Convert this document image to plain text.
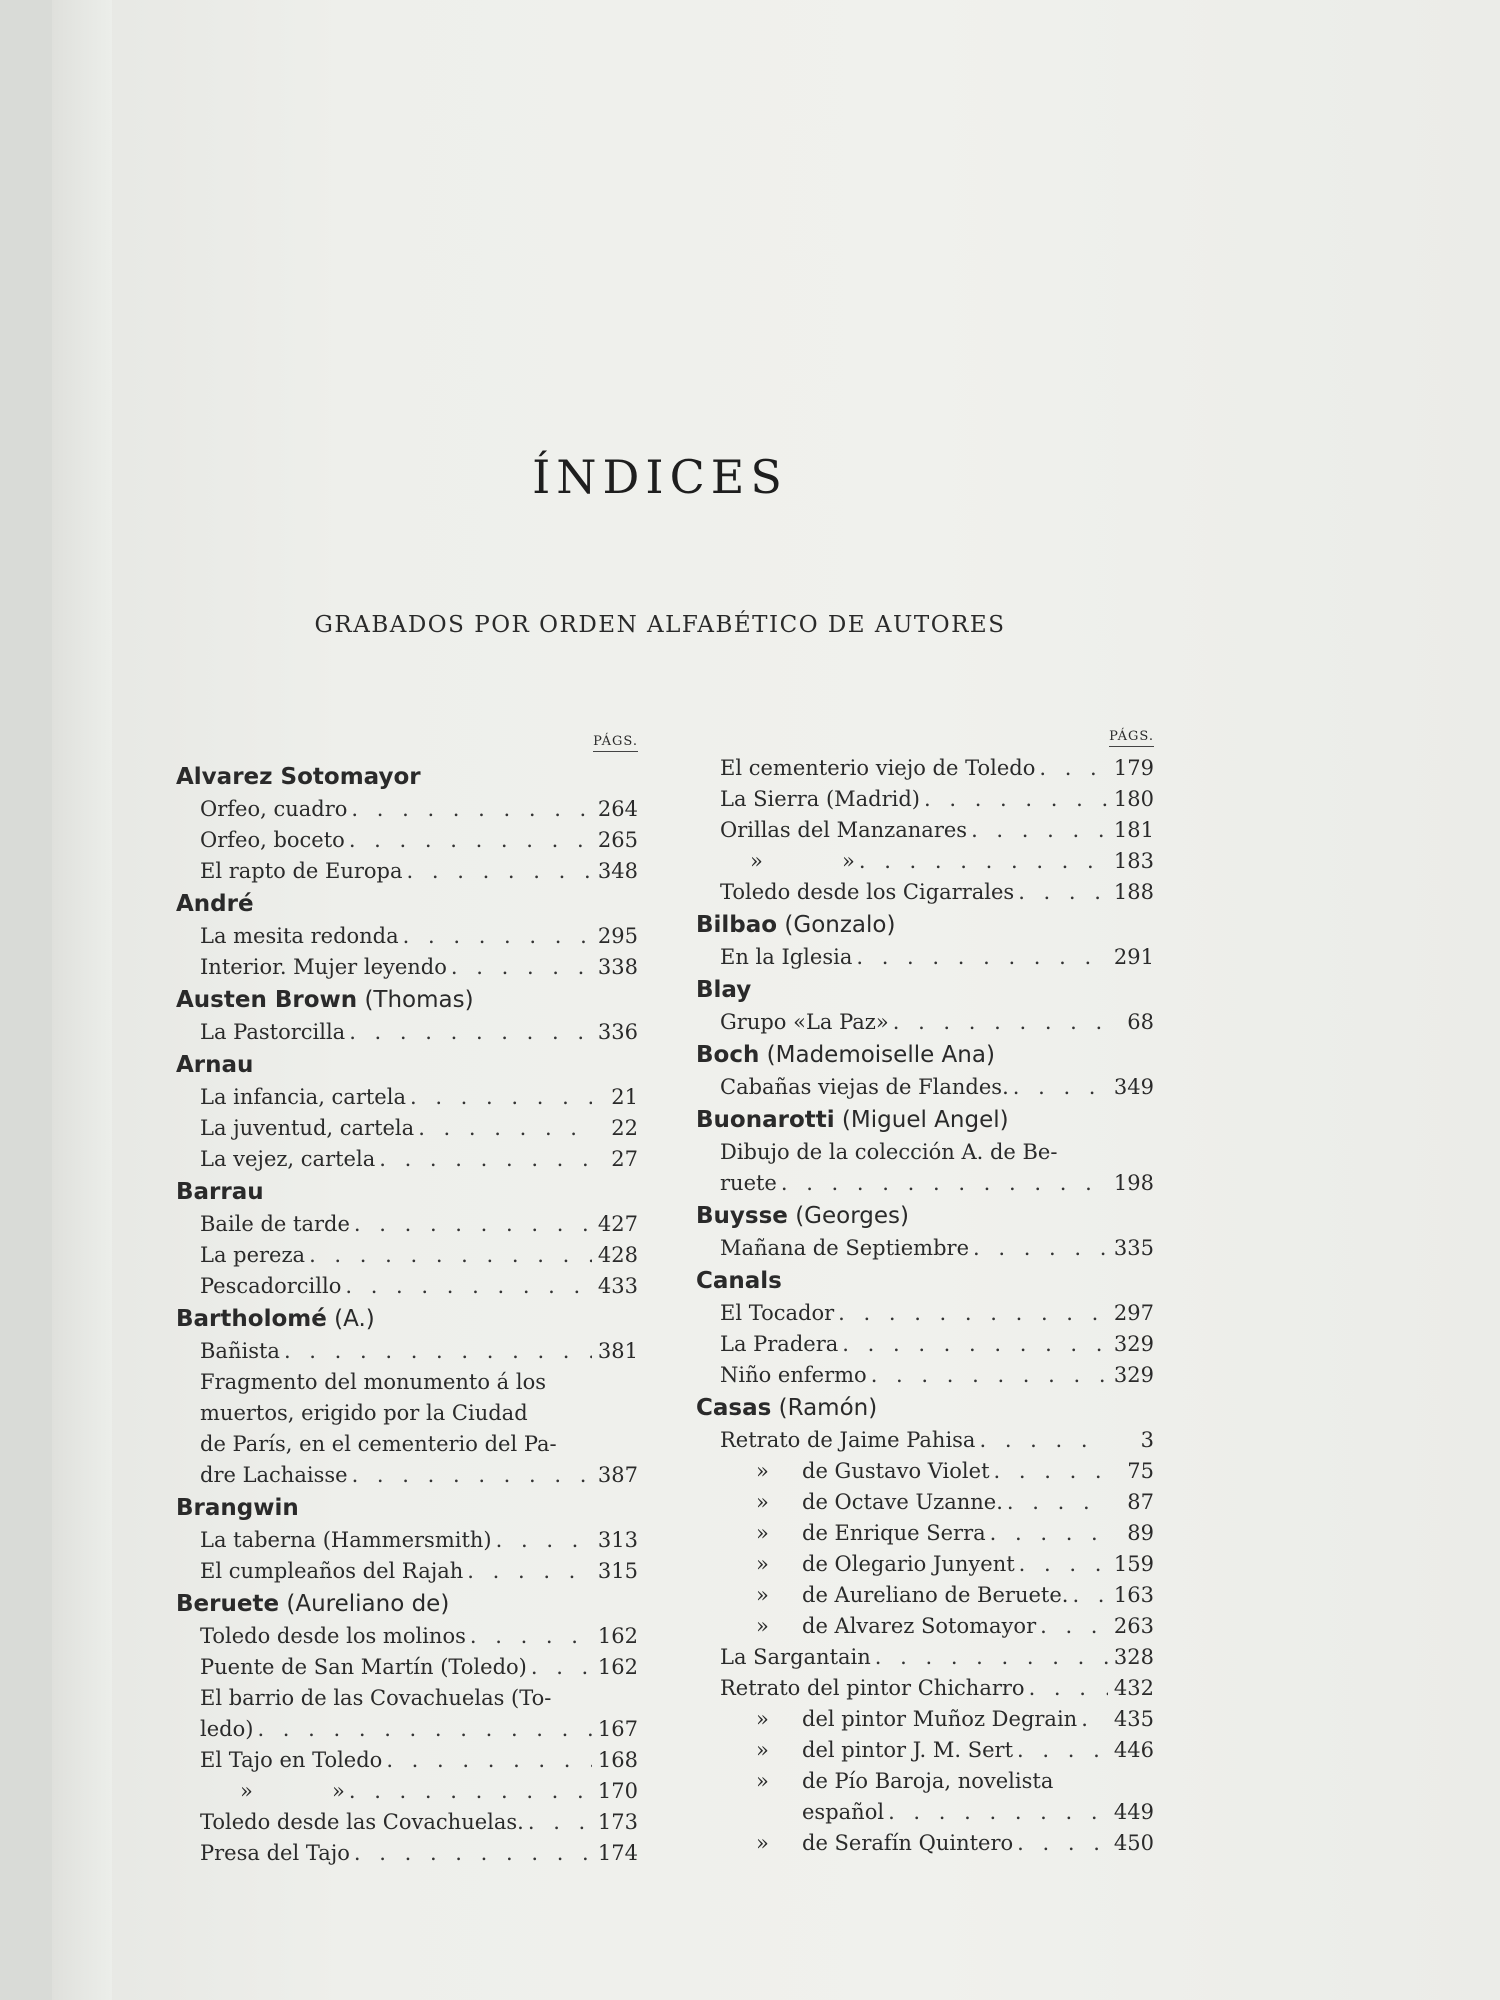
ÍNDICES
GRABADOS POR ORDEN ALFABÉTICO DE AUTORES
PÁGS.
Alvarez Sotomayor
Orfeo, cuadro . . .	264
Orfeo, boceto . . .	265
El rapto de Europa . . .	348
André
La mesita redonda . . .	295
Interior. Mujer leyendo . . .	338
Austen Brown (Thomas)
La Pastorcilla . . .	336
Arnau
La infancia, cartela . . .	21
La juventud, cartela . . .	22
La vejez, cartela . . .	27
Barrau
Baile de tarde . . .	427
La pereza . . .	428
Pescadorcillo . . .	433
Bartholomé (A.)
Bañista . . .	381
Fragmento del monumento á los
muertos, erigido por la Ciudad
de París, en el cementerio del Pa-
dre Lachaisse . . .	387
Brangwin
La taberna (Hammersmith) . . .	313
El cumpleaños del Rajah . . .	315
Beruete (Aureliano de)
Toledo desde los molinos . . .	162
Puente de San Martín (Toledo) . . .	162
El barrio de las Covachuelas (To-
ledo) . . .	167
El Tajo en Toledo . . .	168
»	» . . .	170
Toledo desde las Covachuelas. . . .	173
Presa del Tajo . . .	174
PÁGS.
El cementerio viejo de Toledo . . .	179
La Sierra (Madrid) . . .	180
Orillas del Manzanares . . .	181
»	» . . .	183
Toledo desde los Cigarrales . . .	188
Bilbao (Gonzalo)
En la Iglesia . . .	291
Blay
Grupo «La Paz» . . .	68
Boch (Mademoiselle Ana)
Cabañas viejas de Flandes. . . .	349
Buonarotti (Miguel Angel)
Dibujo de la colección A. de Be-
ruete . . .	198
Buysse (Georges)
Mañana de Septiembre . . .	335
Canals
El Tocador . . .	297
La Pradera . . .	329
Niño enfermo . . .	329
Casas (Ramón)
Retrato de Jaime Pahisa . . .	3
» de Gustavo Violet . . .	75
» de Octave Uzanne. . . .	87
» de Enrique Serra . . .	89
» de Olegario Junyent . . .	159
» de Aureliano de Beruete. . . . 163
» de Alvarez Sotomayor . . .	263
La Sargantain . . .	328
Retrato del pintor Chicharro . . .	432
» del pintor Muñoz Degrain . . . 435
» del pintor J. M. Sert . . .	446
» de Pío Baroja, novelista
español . . .	449
» de Serafín Quintero . . .	450
